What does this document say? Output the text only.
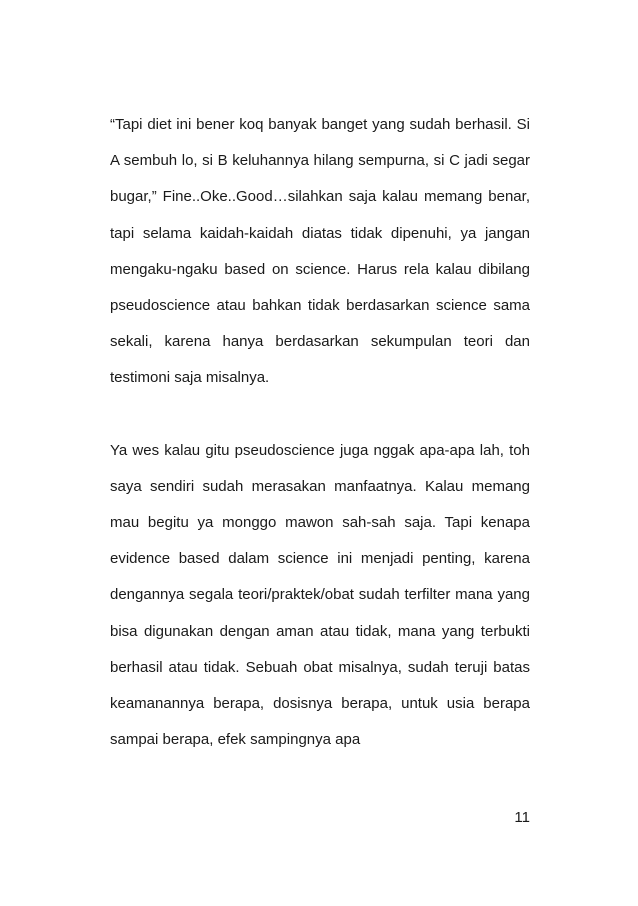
“Tapi diet ini bener koq banyak banget yang sudah berhasil. Si A sembuh lo, si B keluhannya hilang sempurna, si C jadi segar bugar,” Fine..Oke..Good…silahkan saja kalau memang benar, tapi selama kaidah-kaidah diatas tidak dipenuhi, ya jangan mengaku-ngaku based on science. Harus rela kalau dibilang pseudoscience atau bahkan tidak berdasarkan science sama sekali, karena hanya berdasarkan sekumpulan teori dan testimoni saja misalnya.

Ya wes kalau gitu pseudoscience juga nggak apa-apa lah, toh saya sendiri sudah merasakan manfaatnya. Kalau memang mau begitu ya monggo mawon sah-sah saja. Tapi kenapa evidence based dalam science ini menjadi penting, karena dengannya segala teori/praktek/obat sudah terfilter mana yang bisa digunakan dengan aman atau tidak, mana yang terbukti berhasil atau tidak. Sebuah obat misalnya, sudah teruji batas keamanannya berapa, dosisnya berapa, untuk usia berapa sampai berapa, efek sampingnya apa

11
